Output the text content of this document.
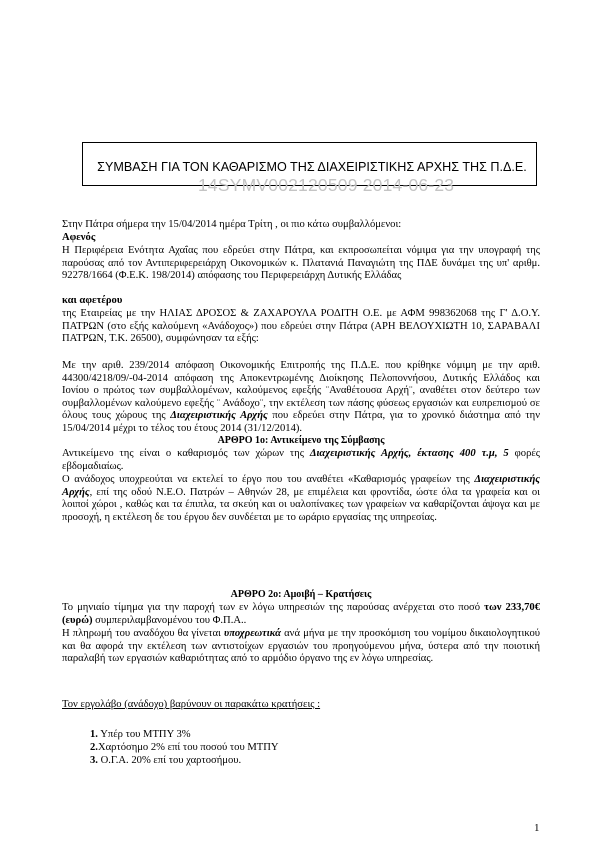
ΣΥΜΒΑΣΗ ΓΙΑ ΤΟΝ ΚΑΘΑΡΙΣΜΟ ΤΗΣ ΔΙΑΧΕΙΡΙΣΤΙΚΗΣ ΑΡΧΗΣ ΤΗΣ Π.Δ.Ε.
14SYMV002120509 2014-06-23
Στην Πάτρα σήμερα την 15/04/2014 ημέρα Τρίτη , οι πιο κάτω συμβαλλόμενοι:
Αφενός
Η Περιφέρεια Ενότητα Αχαΐας που εδρεύει στην Πάτρα, και εκπροσωπείται νόμιμα για την υπογραφή της παρούσας από τον Αντιπεριφερειάρχη Οικονομικών κ. Πλατανιά Παναγιώτη της ΠΔΕ δυνάμει της υπ' αριθμ. 92278/1664 (Φ.Ε.Κ. 198/2014) απόφασης του Περιφερειάρχη Δυτικής Ελλάδας
και αφετέρου
της Εταιρείας με την ΗΛΙΑΣ ΔΡΟΣΟΣ & ΖΑΧΑΡΟΥΛΑ ΡΟΔΙΤΗ Ο.Ε. με ΑΦΜ 998362068 της Γ' Δ.Ο.Υ. ΠΑΤΡΩΝ (στο εξής καλούμενη «Ανάδοχος») που εδρεύει στην Πάτρα (ΑΡΗ ΒΕΛΟΥΧΙΩΤΗ 10, ΣΑΡΑΒΑΛΙ ΠΑΤΡΩΝ, Τ.Κ. 26500), συμφώνησαν τα εξής:
Με την αριθ. 239/2014 απόφαση Οικονομικής Επιτροπής της Π.Δ.Ε. που κρίθηκε νόμιμη με την αριθ. 44300/4218/09/-04-2014 απόφαση της Αποκεντρωμένης Διοίκησης Πελοποννήσου, Δυτικής Ελλάδος και Ιονίου ο πρώτος των συμβαλλομένων, καλούμενος εφεξής ¨Αναθέτουσα Αρχή¨, αναθέτει στον δεύτερο των συμβαλλομένων καλούμενο εφεξής ¨ Ανάδοχο¨, την εκτέλεση των πάσης φύσεως εργασιών και ευπρεπισμού σε όλους τους χώρους της Διαχειριστικής Αρχής που εδρεύει στην Πάτρα, για το χρονικό διάστημα από την 15/04/2014 μέχρι το τέλος του έτους 2014 (31/12/2014).
ΑΡΘΡΟ 1ο: Αντικείμενο της Σύμβασης
Αντικείμενο της είναι ο καθαρισμός των χώρων της Διαχειριστικής Αρχής, έκτασης 400 τ.μ, 5 φορές εβδομαδιαίως.
Ο ανάδοχος υποχρεούται να εκτελεί το έργο που του αναθέτει «Καθαρισμός γραφείων της Διαχειριστικής Αρχής, επί της οδού Ν.Ε.Ο. Πατρών – Αθηνών 28, με επιμέλεια και φροντίδα, ώστε όλα τα γραφεία και οι λοιποί χώροι , καθώς και τα έπιπλα, τα σκεύη και οι υαλοπίνακες των γραφείων να καθαρίζονται άψογα και με προσοχή, η εκτέλεση δε του έργου δεν συνδέεται με το ωράριο εργασίας της υπηρεσίας.
ΑΡΘΡΟ 2ο: Αμοιβή – Κρατήσεις
Το μηνιαίο τίμημα για την παροχή των εν λόγω υπηρεσιών της παρούσας ανέρχεται στο ποσό των 233,70€(ευρώ) συμπεριλαμβανομένου του Φ.Π.Α..
Η πληρωμή του αναδόχου θα γίνεται υποχρεωτικά ανά μήνα με την προσκόμιση του νομίμου δικαιολογητικού και θα αφορά την εκτέλεση των αντιστοίχων εργασιών του προηγούμενου μήνα, ύστερα από την ποιοτική παραλαβή των εργασιών καθαριότητας από το αρμόδιο όργανο της εν λόγω υπηρεσίας.
Τον εργολάβο (ανάδοχο) βαρύνουν οι παρακάτω κρατήσεις :
1. Υπέρ του ΜΤΠΥ 3%
2.Χαρτόσημο 2% επί του ποσού του ΜΤΠΥ
3. Ο.Γ.Α. 20% επί του χαρτοσήμου.
1
